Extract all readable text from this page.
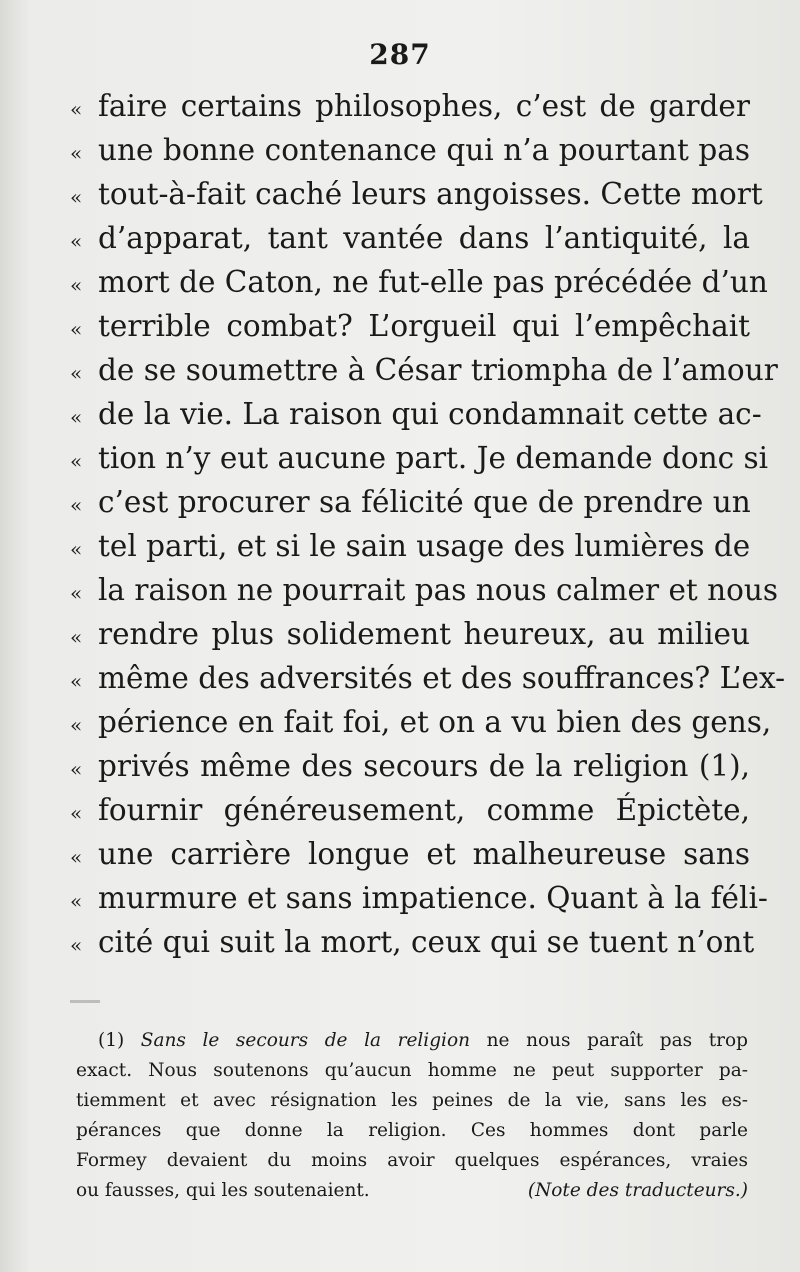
287
« faire certains philosophes, c’est de garder
« une bonne contenance qui n’a pourtant pas
« tout-à-fait caché leurs angoisses. Cette mort
« d’apparat, tant vantée dans l’antiquité, la
« mort de Caton, ne fut-elle pas précédée d’un
« terrible combat? L’orgueil qui l’empêchait
« de se soumettre à César triompha de l’amour
« de la vie. La raison qui condamnait cette ac-
« tion n’y eut aucune part. Je demande donc si
« c’est procurer sa félicité que de prendre un
« tel parti, et si le sain usage des lumières de
« la raison ne pourrait pas nous calmer et nous
« rendre plus solidement heureux, au milieu
« même des adversités et des souffrances? L’ex-
« périence en fait foi, et on a vu bien des gens,
« privés même des secours de la religion (1),
« fournir généreusement, comme Épictète,
« une carrière longue et malheureuse sans
« murmure et sans impatience. Quant à la féli-
« cité qui suit la mort, ceux qui se tuent n’ont
(1) Sans le secours de la religion ne nous paraît pas trop
exact. Nous soutenons qu’aucun homme ne peut supporter pa-
tiemment et avec résignation les peines de la vie, sans les es-
pérances que donne la religion. Ces hommes dont parle
Formey devaient du moins avoir quelques espérances, vraies
ou fausses, qui les soutenaient.	(Note des traducteurs.)
